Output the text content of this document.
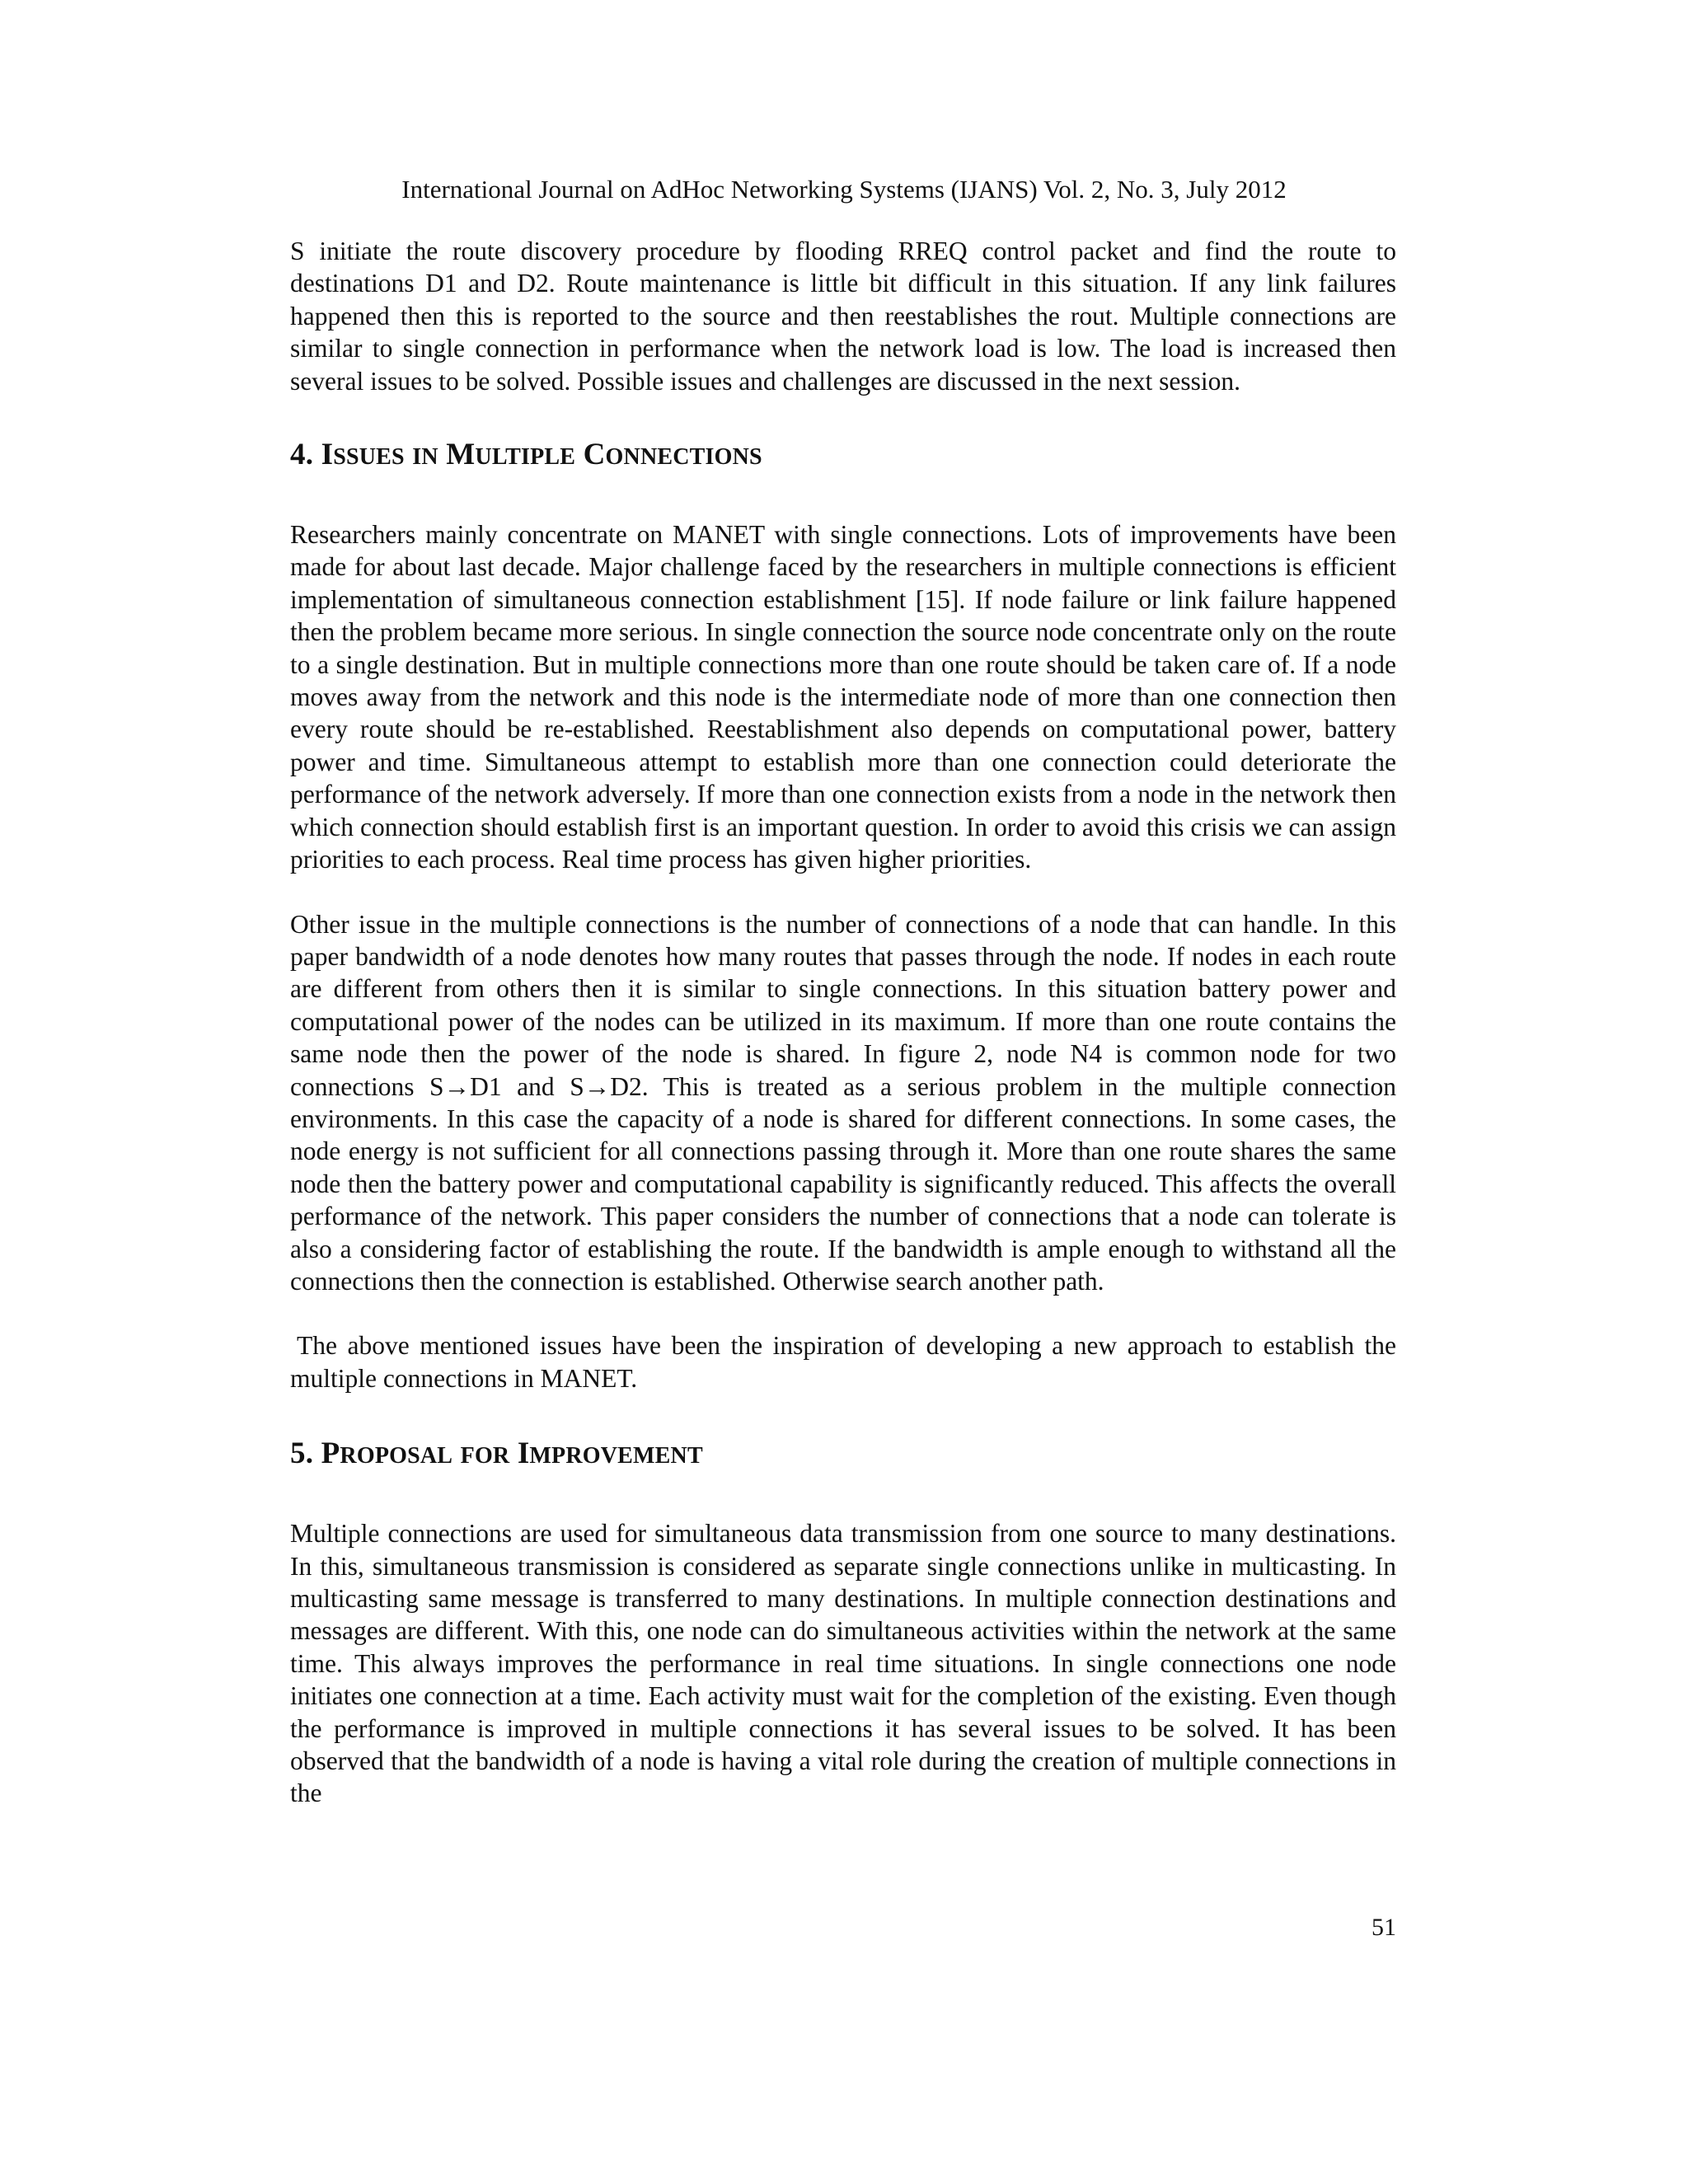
International Journal on AdHoc Networking Systems (IJANS) Vol. 2, No. 3, July 2012

S initiate the route discovery procedure by flooding RREQ control packet and find the route to destinations D1 and D2. Route maintenance is little bit difficult in this situation. If any link failures happened then this is reported to the source and then reestablishes the rout. Multiple connections are similar to single connection in performance when the network load is low. The load is increased then several issues to be solved. Possible issues and challenges are discussed in the next session.

4. ISSUES IN MULTIPLE CONNECTIONS

Researchers mainly concentrate on MANET with single connections. Lots of improvements have been made for about last decade. Major challenge faced by the researchers in multiple connections is efficient implementation of simultaneous connection establishment [15]. If node failure or link failure happened then the problem became more serious. In single connection the source node concentrate only on the route to a single destination. But in multiple connections more than one route should be taken care of. If a node moves away from the network and this node is the intermediate node of more than one connection then every route should be re-established. Reestablishment also depends on computational power, battery power and time. Simultaneous attempt to establish more than one connection could deteriorate the performance of the network adversely. If more than one connection exists from a node in the network then which connection should establish first is an important question. In order to avoid this crisis we can assign priorities to each process. Real time process has given higher priorities.

Other issue in the multiple connections is the number of connections of a node that can handle. In this paper bandwidth of a node denotes how many routes that passes through the node. If nodes in each route are different from others then it is similar to single connections. In this situation battery power and computational power of the nodes can be utilized in its maximum. If more than one route contains the same node then the power of the node is shared. In figure 2, node N4 is common node for two connections S→D1 and S→D2. This is treated as a serious problem in the multiple connection environments. In this case the capacity of a node is shared for different connections. In some cases, the node energy is not sufficient for all connections passing through it. More than one route shares the same node then the battery power and computational capability is significantly reduced. This affects the overall performance of the network. This paper considers the number of connections that a node can tolerate is also a considering factor of establishing the route. If the bandwidth is ample enough to withstand all the connections then the connection is established. Otherwise search another path.

The above mentioned issues have been the inspiration of developing a new approach to establish the multiple connections in MANET.

5. PROPOSAL FOR IMPROVEMENT

Multiple connections are used for simultaneous data transmission from one source to many destinations. In this, simultaneous transmission is considered as separate single connections unlike in multicasting. In multicasting same message is transferred to many destinations. In multiple connection destinations and messages are different. With this, one node can do simultaneous activities within the network at the same time. This always improves the performance in real time situations. In single connections one node initiates one connection at a time. Each activity must wait for the completion of the existing. Even though the performance is improved in multiple connections it has several issues to be solved. It has been observed that the bandwidth of a node is having a vital role during the creation of multiple connections in the

51
